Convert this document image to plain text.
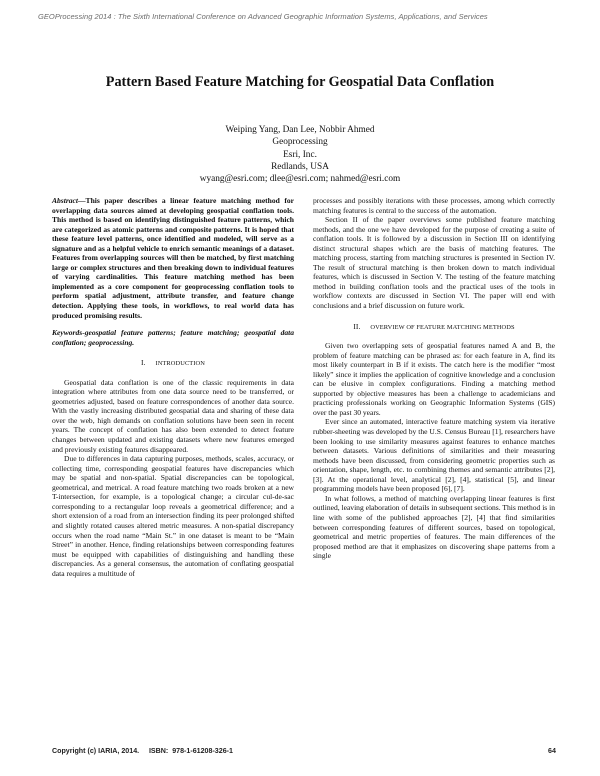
GEOProcessing 2014 : The Sixth International Conference on Advanced Geographic Information Systems, Applications, and Services
Pattern Based Feature Matching for Geospatial Data Conflation
Weiping Yang, Dan Lee, Nobbir Ahmed
Geoprocessing
Esri, Inc.
Redlands, USA
wyang@esri.com; dlee@esri.com; nahmed@esri.com

Abstract—This paper describes a linear feature matching method for overlapping data sources aimed at developing geospatial conflation tools. This method is based on identifying distinguished feature patterns, which are categorized as atomic patterns and composite patterns. It is hoped that these feature level patterns, once identified and modeled, will serve as a signature and as a helpful vehicle to enrich semantic meanings of a dataset. Features from overlapping sources will then be matched, by first matching large or complex structures and then breaking down to individual features of varying cardinalities. This feature matching method has been implemented as a core component for geoprocessing conflation tools to perform spatial adjustment, attribute transfer, and feature change detection. Applying these tools, in workflows, to real world data has produced promising results.

Keywords-geospatial feature patterns; feature matching; geospatial data conflation; geoprocessing.

I. INTRODUCTION

Geospatial data conflation is one of the classic requirements in data integration where attributes from one data source need to be transferred, or geometries adjusted, based on feature correspondences of another data source. With the vastly increasing distributed geospatial data and sharing of these data over the web, high demands on conflation solutions have been seen in recent years. The concept of conflation has also been extended to detect feature changes between updated and existing datasets where new features emerged and previously existing features disappeared.

Due to differences in data capturing purposes, methods, scales, accuracy, or collecting time, corresponding geospatial features have discrepancies which may be spatial and non-spatial. Spatial discrepancies can be topological, geometrical, and metrical. A road feature matching two roads broken at a new T-intersection, for example, is a topological change; a circular cul-de-sac corresponding to a rectangular loop reveals a geometrical difference; and a short extension of a road from an intersection finding its peer prolonged shifted and slightly rotated causes altered metric measures. A non-spatial discrepancy occurs when the road name “Main St.” in one dataset is meant to be “Main Street” in another. Hence, finding relationships between corresponding features must be equipped with capabilities of distinguishing and handling these discrepancies. As a general consensus, the automation of conflating geospatial data requires a multitude of

processes and possibly iterations with these processes, among which correctly matching features is central to the success of the automation.

Section II of the paper overviews some published feature matching methods, and the one we have developed for the purpose of creating a suite of conflation tools. It is followed by a discussion in Section III on identifying distinct structural shapes which are the basis of matching features. The matching process, starting from matching structures is presented in Section IV. The result of structural matching is then broken down to match individual features, which is discussed in Section V. The testing of the feature matching method in building conflation tools and the practical uses of the tools in workflow contexts are discussed in Section VI. The paper will end with conclusions and a brief discussion on future work.

II. OVERVIEW OF FEATURE MATCHING METHODS

Given two overlapping sets of geospatial features named A and B, the problem of feature matching can be phrased as: for each feature in A, find its most likely counterpart in B if it exists. The catch here is the modifier “most likely” since it implies the application of cognitive knowledge and a conclusion can be elusive in complex configurations. Finding a matching method supported by objective measures has been a challenge to academicians and practicing professionals working on Geographic Information Systems (GIS) over the past 30 years.

Ever since an automated, interactive feature matching system via iterative rubber-sheeting was developed by the U.S. Census Bureau [1], researchers have been looking to use similarity measures against features to enhance matches between datasets. Various definitions of similarities and their measuring methods have been discussed, from considering geometric properties such as orientation, shape, length, etc. to combining themes and semantic attributes [2], [3]. At the operational level, analytical [2], [4], statistical [5], and linear programming models have been proposed [6], [7].

In what follows, a method of matching overlapping linear features is first outlined, leaving elaboration of details in subsequent sections. This method is in line with some of the published approaches [2], [4] that find similarities between corresponding features of different sources, based on topological, geometrical and metric properties of features. The main differences of the proposed method are that it emphasizes on discovering shape patterns from a single

Copyright (c) IARIA, 2014.     ISBN:  978-1-61208-326-1	64
